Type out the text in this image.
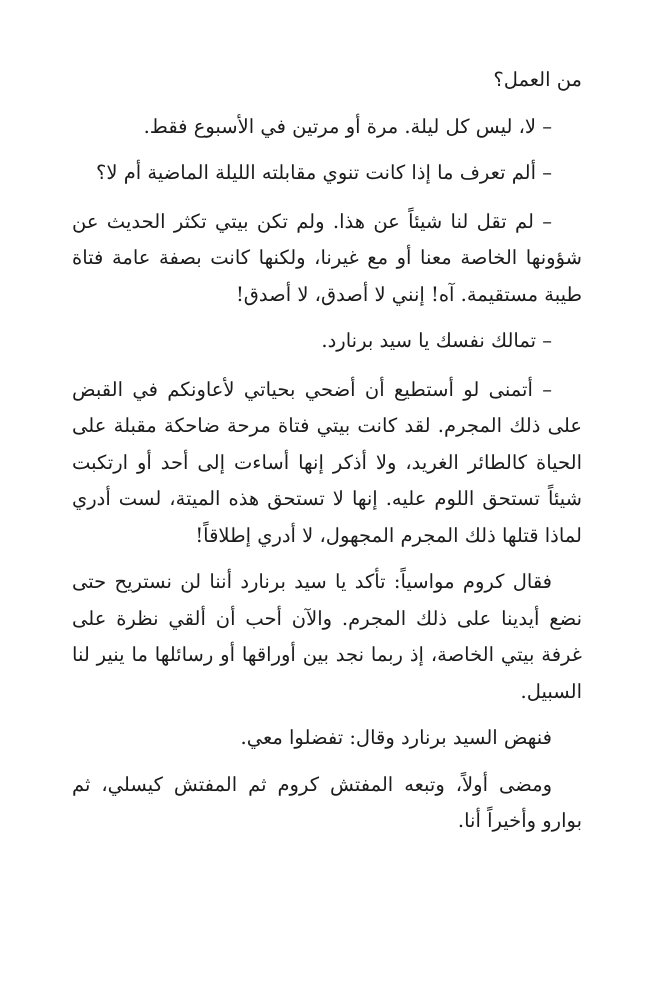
من العمل؟

– لا، ليس كل ليلة. مرة أو مرتين في الأسبوع فقط.

– ألم تعرف ما إذا كانت تنوي مقابلته الليلة الماضية أم لا؟

– لم تقل لنا شيئاً عن هذا. ولم تكن بيتي تكثر الحديث عن شؤونها الخاصة معنا أو مع غيرنا، ولكنها كانت بصفة عامة فتاة طيبة مستقيمة. آه! إنني لا أصدق، لا أصدق!

– تمالك نفسك يا سيد برنارد.

– أتمنى لو أستطيع أن أضحي بحياتي لأعاونكم في القبض على ذلك المجرم. لقد كانت بيتي فتاة مرحة ضاحكة مقبلة على الحياة كالطائر الغريد، ولا أذكر إنها أساءت إلى أحد أو ارتكبت شيئاً تستحق اللوم عليه. إنها لا تستحق هذه الميتة، لست أدري لماذا قتلها ذلك المجرم المجهول، لا أدري إطلاقاً!

فقال كروم مواسياً: تأكد يا سيد برنارد أننا لن نستريح حتى نضع أيدينا على ذلك المجرم. والآن أحب أن ألقي نظرة على غرفة بيتي الخاصة، إذ ربما نجد بين أوراقها أو رسائلها ما ينير لنا السبيل.

فنهض السيد برنارد وقال: تفضلوا معي.

ومضى أولاً، وتبعه المفتش كروم ثم المفتش كيسلي، ثم بوارو وأخيراً أنا.
